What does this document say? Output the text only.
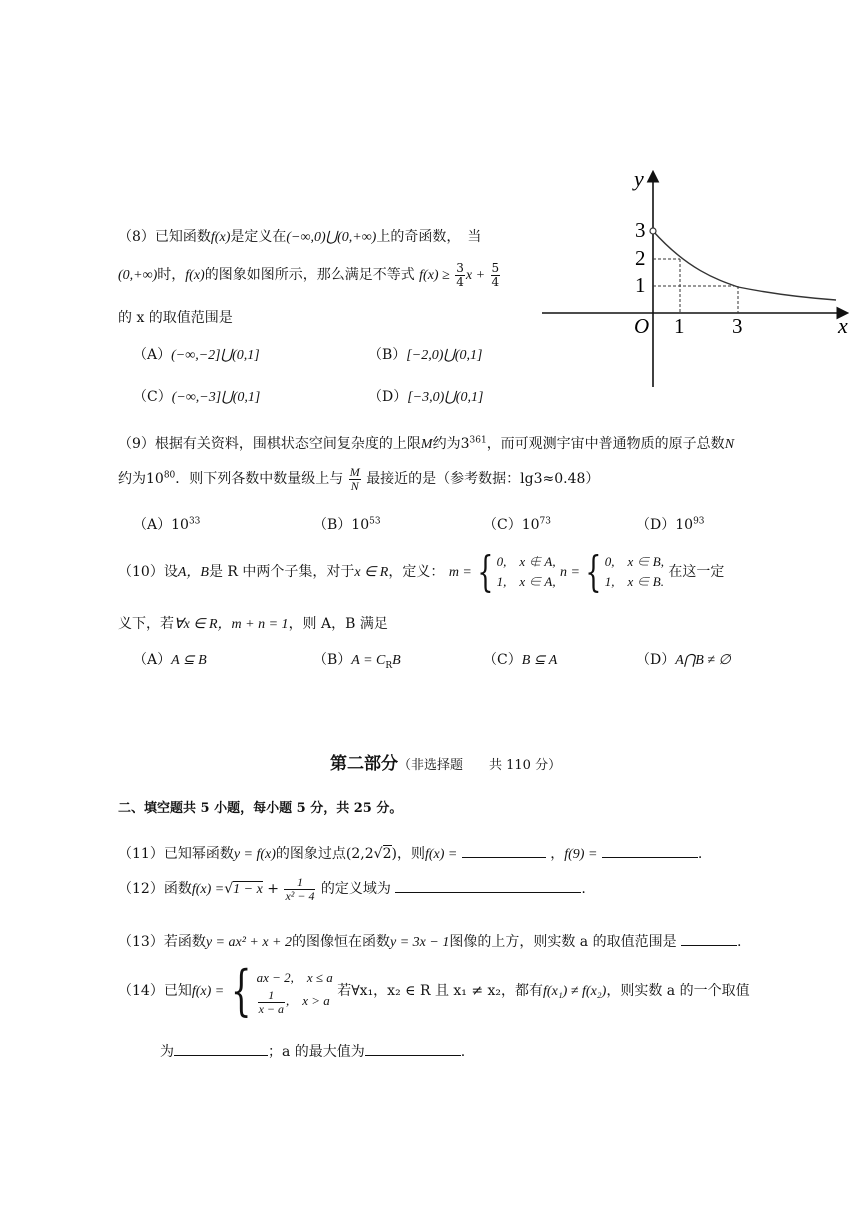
y
x
O
3
2
1
1 3
（8）已知函数f(x)是定义在(−∞,0)⋃(0,+∞)上的奇函数，　当
(0,+∞)时，f(x)的图象如图所示，那么满足不等式 $f(x) \ge \frac{3}{4}$ $x + \frac{5}{4}$
的 x 的取值范围是
（A）(−∞,−2]⋃(0,1]	（B）[−2,0)⋃(0,1]
（C）(−∞,−3]⋃(0,1]	（D）[−3,0)⋃(0,1]
（9）根据有关资料，围棋状态空间复杂度的上限M约为$3^{361}$，而可观测宇宙中普通物质的原子总数N
约为$10^{80}$．则下列各数中数量级上与 $\frac{M}{N}$ 最接近的是（参考数据：lg3≈0.48）
$(A)10^{33}$	$(B)10^{53}$	$(C)10^{73}$	$(D)10^{93}$
（10）设A，B是 R 中两个子集，对于x ∈ R，定义： m = { 0,　x ∉ A,
1,　x ∈ A, n = { 0,　x ∈ B,
1,　x ∈ B. 在这一定
义下，若∀x ∈ R，m + n = 1，则 A，B 满足
（A）A ⊆ B	$(B)A = C_RB$	（C）B ⊆ A	（D）A⋂B ≠ ∅
第二部分（非选择题　　共 110 分）
二、填空题共 5 小题，每小题 5 分，共 25 分。
（11）已知幂函数y = f(x)的图象过点(2,2√2)，则f(x) =	，f(9) =	.
（12）函数$f(x) =√1 - x + \frac{1}{\text{x² − 4}}$ 的定义域为	.
（13）若函数y = ax² + x + 2的图像恒在函数y = 3x − 1图像的上方，则实数 a 的取值范围是	.
（14）已知f(x) = { ax − 2,　x ≤ a

$\frac{1}{x - a}$ ,　x > a 若∀x₁，x₂ ∈ R 且 x₁ ≠ x₂，都有f(x₁) ≠ f(x₂)，则实数 a 的一个取值
为	；a 的最大值为	.
